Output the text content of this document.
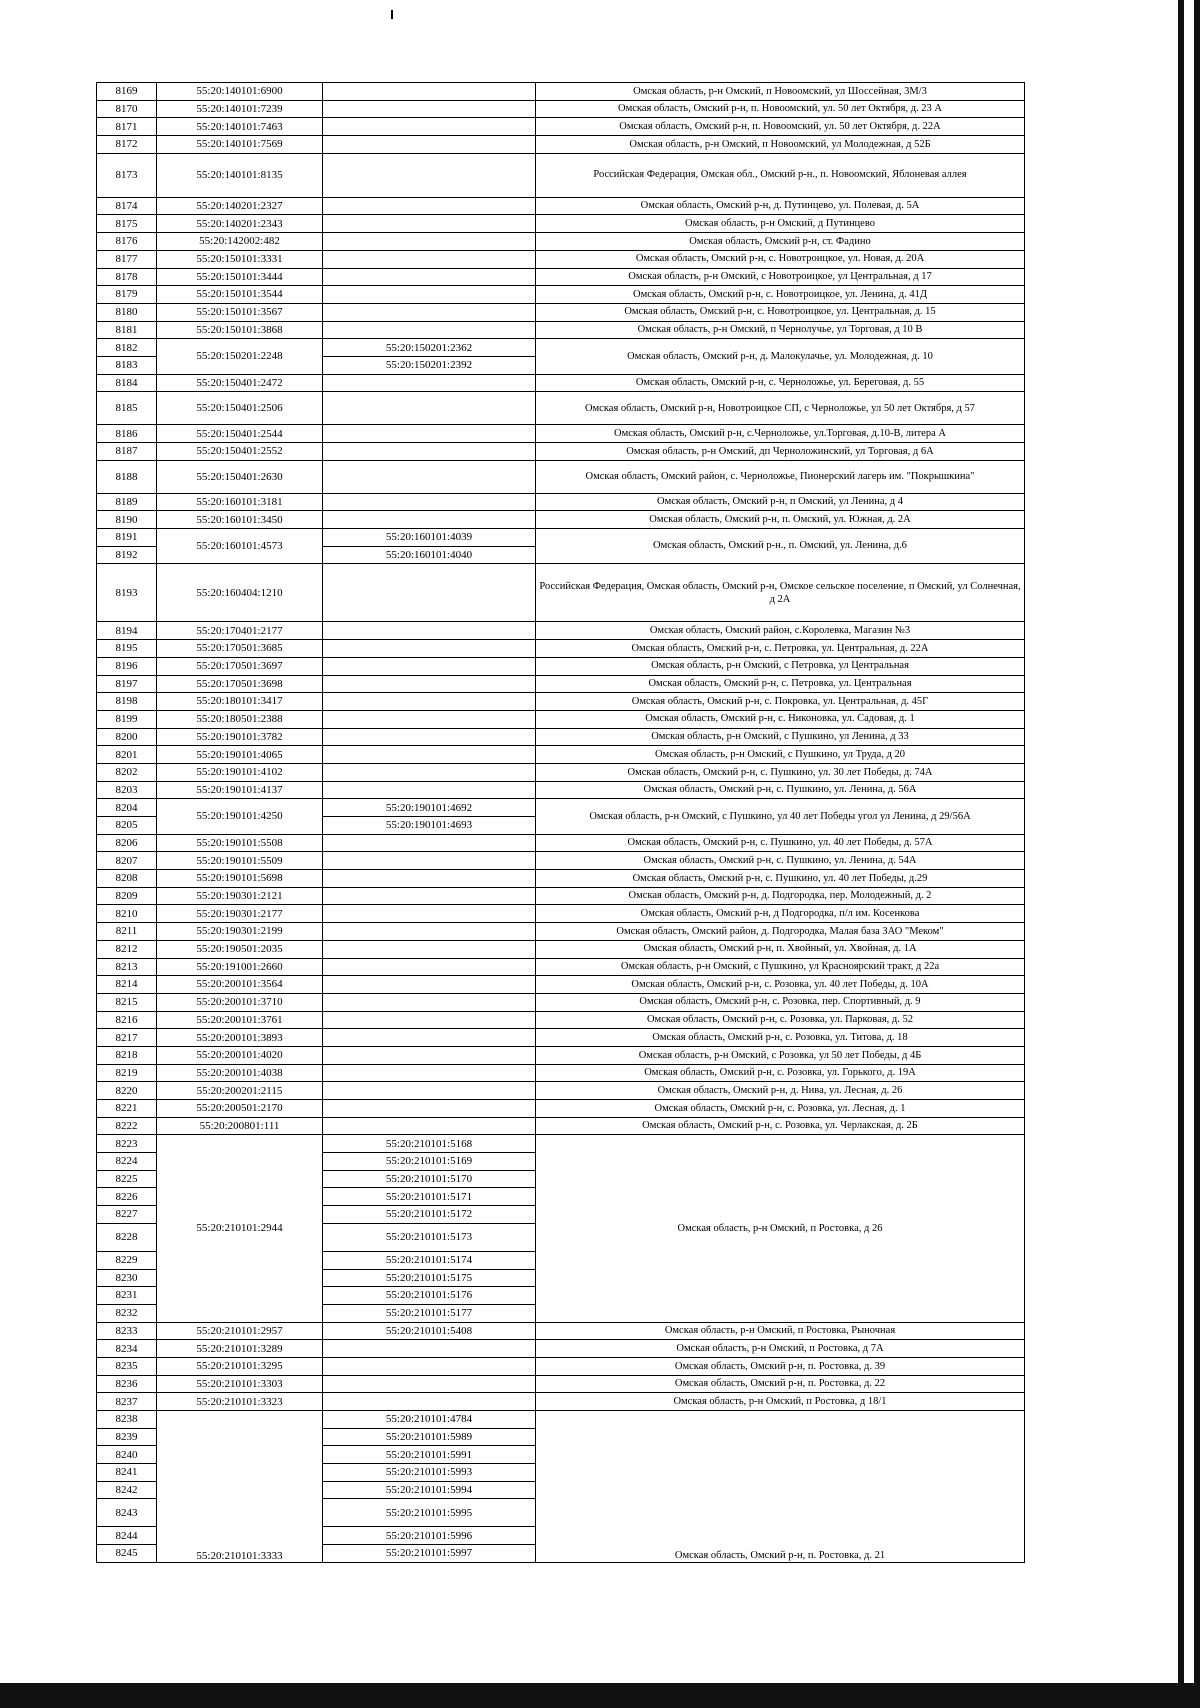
8169	55:20:140101:6900		Омская область, р-н Омский, п Новоомский, ул Шоссейная, 3М/3
8170	55:20:140101:7239		Омская область, Омский р-н, п. Новоомский, ул. 50 лет Октября, д. 23 А
8171	55:20:140101:7463		Омская область, Омский р-н, п. Новоомский, ул. 50 лет Октября, д. 22А
8172	55:20:140101:7569		Омская область, р-н Омский, п Новоомский, ул Молодежная, д 52Б
8173	55:20:140101:8135		Российская Федерация, Омская обл., Омский р-н., п. Новоомский, Яблоневая аллея
8174	55:20:140201:2327		Омская область, Омский р-н, д. Путинцево, ул. Полевая, д. 5А
8175	55:20:140201:2343		Омская область, р-н Омский, д Путинцево
8176	55:20:142002:482		Омская область, Омский р-н, ст. Фадино
8177	55:20:150101:3331		Омская область, Омский р-н, с. Новотроицкое, ул. Новая, д. 20А
8178	55:20:150101:3444		Омская область, р-н Омский, с Новотроицкое, ул Центральная, д 17
8179	55:20:150101:3544		Омская область, Омский р-н, с. Новотроицкое, ул. Ленина, д. 41Д
8180	55:20:150101:3567		Омская область, Омский р-н, с. Новотроицкое, ул. Центральная, д. 15
8181	55:20:150101:3868		Омская область, р-н Омский, п Чернолучье, ул Торговая, д 10 В
8182	55:20:150201:2248	55:20:150201:2362	Омская область, Омский р-н, д. Малокулачье, ул. Молодежная, д. 10
8183		55:20:150201:2392	
8184	55:20:150401:2472		Омская область, Омский р-н, с. Черноложье, ул. Береговая, д. 55
8185	55:20:150401:2506		Омская область, Омский р-н, Новотроицкое СП, с Черноложье, ул 50 лет Октября, д 57
8186	55:20:150401:2544		Омская область, Омский р-н, с.Черноложье, ул.Торговая, д.10-В, литера А
8187	55:20:150401:2552		Омская область, р-н Омский, дп Черноложинский, ул Торговая, д 6А
8188	55:20:150401:2630		Омская область, Омский район, с. Черноложье, Пионерский лагерь им. "Покрышкина"
8189	55:20:160101:3181		Омская область, Омский р-н, п Омский, ул Ленина, д 4
8190	55:20:160101:3450		Омская область, Омский р-н, п. Омский, ул. Южная, д. 2А
8191	55:20:160101:4573	55:20:160101:4039	Омская область, Омский р-н., п. Омский, ул. Ленина, д.6
8192		55:20:160101:4040	
8193	55:20:160404:1210		Российская Федерация, Омская область, Омский р-н, Омское сельское поселение, п Омский, ул Солнечная, д 2А
8194	55:20:170401:2177		Омская область, Омский район, с.Королевка, Магазин №3
8195	55:20:170501:3685		Омская область, Омский р-н, с. Петровка, ул. Центральная, д. 22А
8196	55:20:170501:3697		Омская область, р-н Омский, с Петровка, ул Центральная
8197	55:20:170501:3698		Омская область, Омский р-н, с. Петровка, ул. Центральная
8198	55:20:180101:3417		Омская область, Омский р-н, с. Покровка, ул. Центральная, д. 45Г
8199	55:20:180501:2388		Омская область, Омский р-н, с. Никоновка, ул. Садовая, д. 1
8200	55:20:190101:3782		Омская область, р-н Омский, с Пушкино, ул Ленина, д 33
8201	55:20:190101:4065		Омская область, р-н Омский, с Пушкино, ул Труда, д 20
8202	55:20:190101:4102		Омская область, Омский р-н, с. Пушкино, ул. 30 лет Победы, д. 74А
8203	55:20:190101:4137		Омская область, Омский р-н, с. Пушкино, ул. Ленина, д. 56А
8204	55:20:190101:4250	55:20:190101:4692	Омская область, р-н Омский, с Пушкино, ул 40 лет Победы угол ул Ленина, д 29/56А
8205		55:20:190101:4693	
8206	55:20:190101:5508		Омская область, Омский р-н, с. Пушкино, ул. 40 лет Победы, д. 57А
8207	55:20:190101:5509		Омская область, Омский р-н, с. Пушкино, ул. Ленина, д. 54А
8208	55:20:190101:5698		Омская область, Омский р-н, с. Пушкино, ул. 40 лет Победы, д.29
8209	55:20:190301:2121		Омская область, Омский р-н, д. Подгородка, пер. Молодежный, д. 2
8210	55:20:190301:2177		Омская область, Омский р-н, д Подгородка, п/л им. Косенкова
8211	55:20:190301:2199		Омская область, Омский район, д. Подгородка, Малая база ЗАО "Меком"
8212	55:20:190501:2035		Омская область, Омский р-н, п. Хвойный, ул. Хвойная, д. 1А
8213	55:20:191001:2660		Омская область, р-н Омский, с Пушкино, ул Красноярский тракт, д 22а
8214	55:20:200101:3564		Омская область, Омский р-н, с. Розовка, ул. 40 лет Победы, д. 10А
8215	55:20:200101:3710		Омская область, Омский р-н, с. Розовка, пер. Спортивный, д. 9
8216	55:20:200101:3761		Омская область, Омский р-н, с. Розовка, ул. Парковая, д. 52
8217	55:20:200101:3893		Омская область, Омский р-н, с. Розовка, ул. Титова, д. 18
8218	55:20:200101:4020		Омская область, р-н Омский, с Розовка, ул 50 лет Победы, д 4Б
8219	55:20:200101:4038		Омская область, Омский р-н, с. Розовка, ул. Горького, д. 19А
8220	55:20:200201:2115		Омская область, Омский р-н, д. Нива, ул. Лесная, д. 26
8221	55:20:200501:2170		Омская область, Омский р-н, с. Розовка, ул. Лесная, д. 1
8222	55:20:200801:111		Омская область, Омский р-н, с. Розовка, ул. Черлакская, д. 2Б
8223	55:20:210101:2944	55:20:210101:5168	Омская область, р-н Омский, п Ростовка, д 26
8224		55:20:210101:5169	
8225		55:20:210101:5170	
8226		55:20:210101:5171	
8227		55:20:210101:5172	
8228		55:20:210101:5173	
8229		55:20:210101:5174	
8230		55:20:210101:5175	
8231		55:20:210101:5176	
8232		55:20:210101:5177	
8233	55:20:210101:2957	55:20:210101:5408	Омская область, р-н Омский, п Ростовка, Рыночная
8234	55:20:210101:3289		Омская область, р-н Омский, п Ростовка, д 7А
8235	55:20:210101:3295		Омская область, Омский р-н, п. Ростовка, д. 39
8236	55:20:210101:3303		Омская область, Омский р-н, п. Ростовка, д. 22
8237	55:20:210101:3323		Омская область, р-н Омский, п Ростовка, д 18/1
8238	55:20:210101:3333	55:20:210101:4784	Омская область, Омский р-н, п. Ростовка, д. 21
8239		55:20:210101:5989	
8240		55:20:210101:5991	
8241		55:20:210101:5993	
8242		55:20:210101:5994	
8243		55:20:210101:5995	
8244		55:20:210101:5996	
8245		55:20:210101:5997	
